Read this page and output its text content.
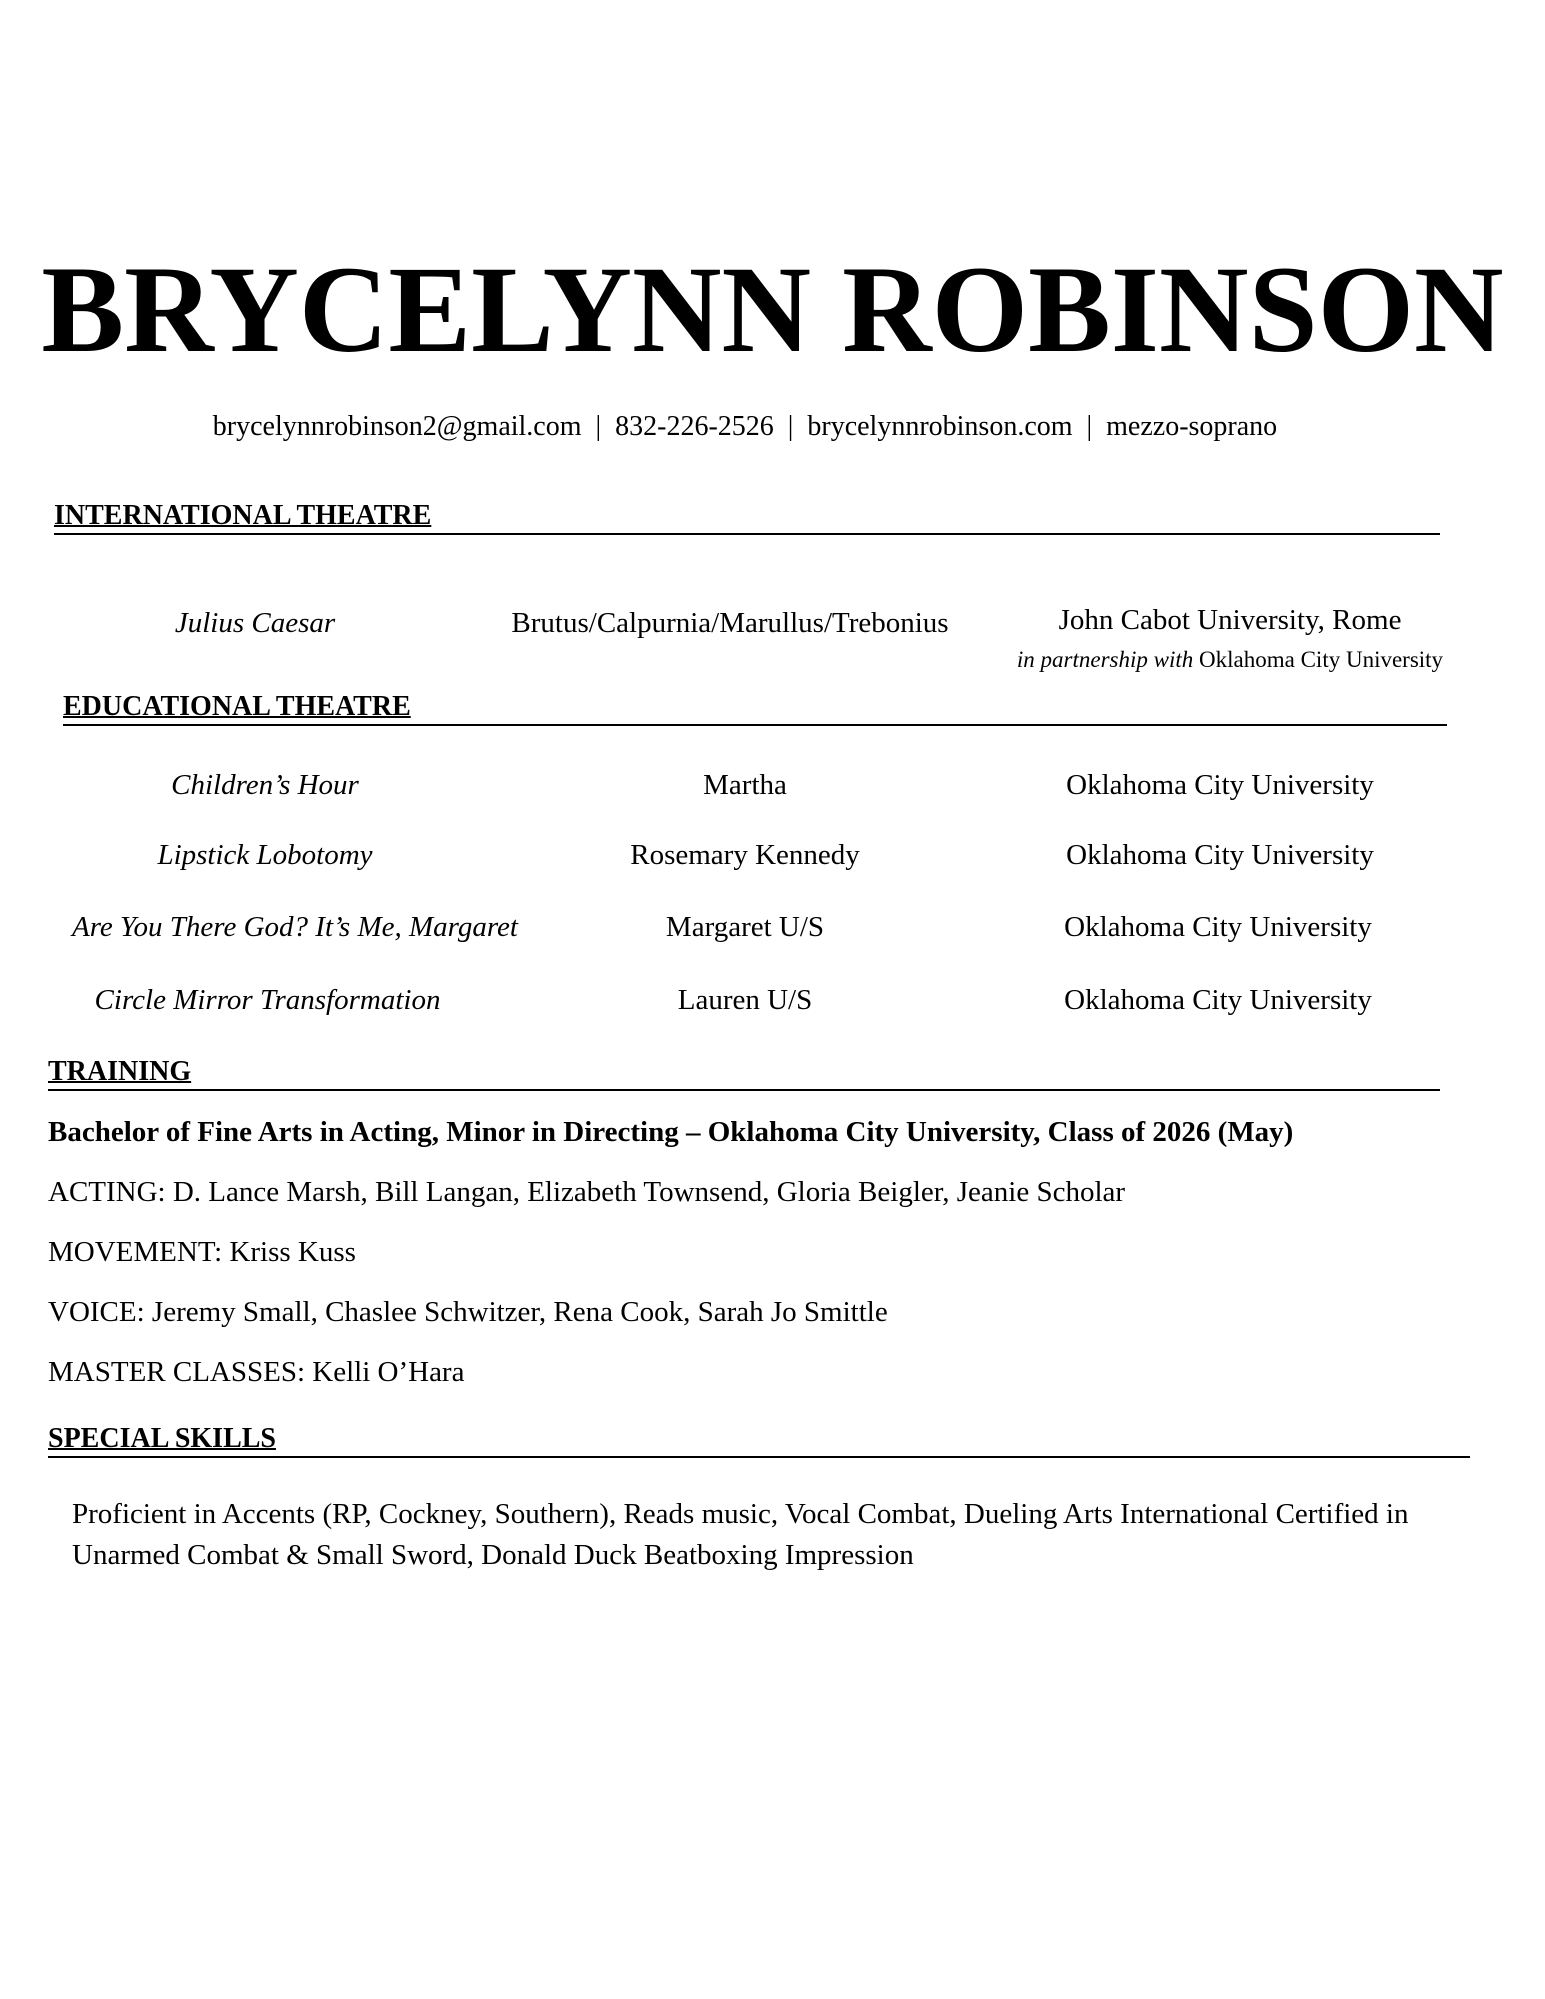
BRYCELYNN ROBINSON
brycelynnrobinson2@gmail.com  |  832-226-2526  |  brycelynnrobinson.com  |  mezzo-soprano
INTERNATIONAL THEATRE
Julius Caesar	Brutus/Calpurnia/Marullus/Trebonius	John Cabot University, Rome
in partnership with Oklahoma City University
EDUCATIONAL THEATRE
Children’s Hour	Martha	Oklahoma City University
Lipstick Lobotomy	Rosemary Kennedy	Oklahoma City University
Are You There God? It’s Me, Margaret	Margaret U/S	Oklahoma City University
Circle Mirror Transformation	Lauren U/S	Oklahoma City University
TRAINING
Bachelor of Fine Arts in Acting, Minor in Directing – Oklahoma City University, Class of 2026 (May)
ACTING: D. Lance Marsh, Bill Langan, Elizabeth Townsend, Gloria Beigler, Jeanie Scholar
MOVEMENT: Kriss Kuss
VOICE: Jeremy Small, Chaslee Schwitzer, Rena Cook, Sarah Jo Smittle
MASTER CLASSES: Kelli O’Hara
SPECIAL SKILLS
Proficient in Accents (RP, Cockney, Southern), Reads music, Vocal Combat, Dueling Arts International Certified in Unarmed Combat & Small Sword, Donald Duck Beatboxing Impression
